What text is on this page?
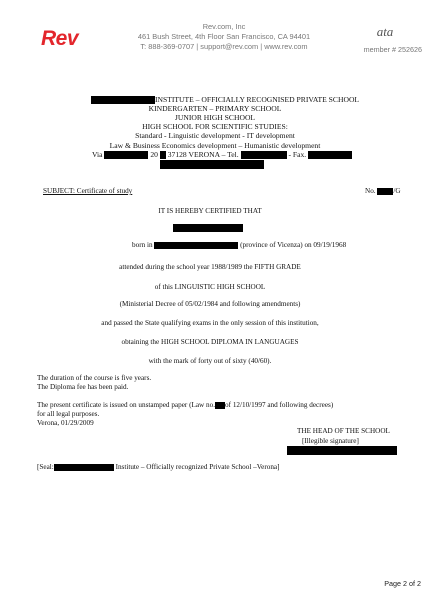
Rev
Rev.com, Inc
461 Bush Street, 4th Floor San Francisco, CA 94401
T: 888-369-0707 | support@rev.com | www.rev.com
ata
member # 252626
INSTITUTE – OFFICIALLY RECOGNISED PRIVATE SCHOOL
KINDERGARTEN – PRIMARY SCHOOL
JUNIOR HIGH SCHOOL
HIGH SCHOOL FOR SCIENTIFIC STUDIES:
Standard - Linguistic development - IT development
Law & Business Economics development – Humanistic development
Via	20 37128 VERONA – Tel.	- Fax.
SUBJECT: Certificate of study	No. /G
IT IS HEREBY CERTIFIED THAT
born in	(province of Vicenza) on 09/19/1968
attended during the school year 1988/1989 the FIFTH GRADE
of this LINGUISTIC HIGH SCHOOL
(Ministerial Decree of 05/02/1984 and following amendments)
and passed the State qualifying exams in the only session of this institution,
obtaining the HIGH SCHOOL DIPLOMA IN LANGUAGES
with the mark of forty out of sixty (40/60).
The duration of the course is five years.
The Diploma fee has been paid.
The present certificate is issued on unstamped paper (Law no. of 12/10/1997 and following decrees)
for all legal purposes.
Verona, 01/29/2009
THE HEAD OF THE SCHOOL
[Illegible signature]
[Seal:	Institute – Officially recognized Private School –Verona]
Page 2 of 2
